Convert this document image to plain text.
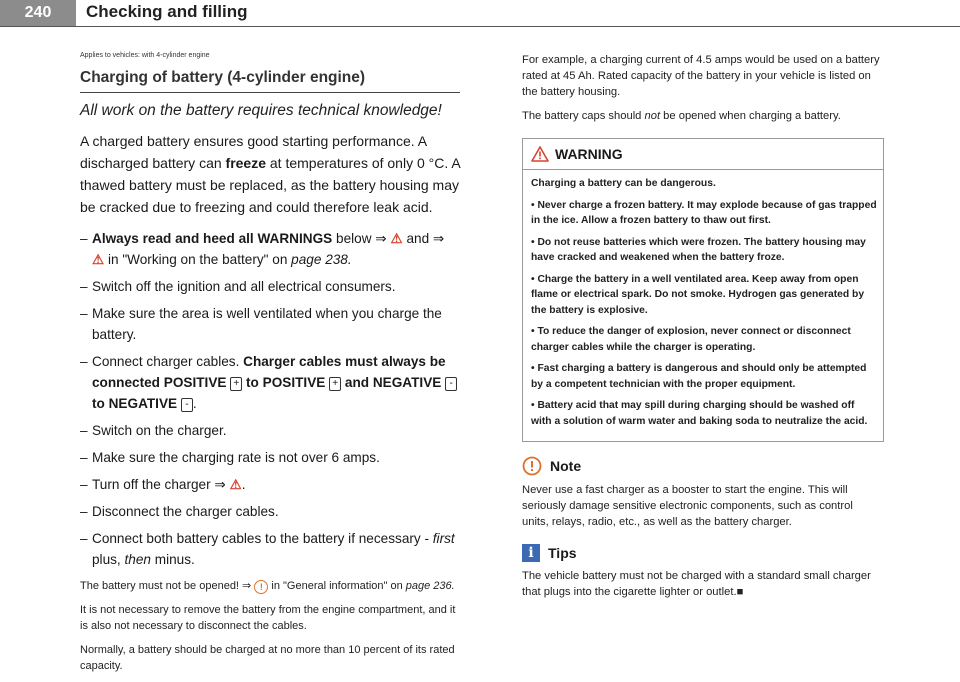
240	Checking and filling
Applies to vehicles: with 4-cylinder engine
Charging of battery (4-cylinder engine)
All work on the battery requires technical knowledge!
A charged battery ensures good starting performance. A discharged battery can freeze at temperatures of only 0 °C. A thawed battery must be replaced, as the battery housing may be cracked due to freezing and could therefore leak acid.
– Always read and heed all WARNINGS below ⇒ ⚠ and ⇒ ⚠ in "Working on the battery" on page 238.
– Switch off the ignition and all electrical consumers.
– Make sure the area is well ventilated when you charge the battery.
– Connect charger cables. Charger cables must always be connected POSITIVE + to POSITIVE + and NEGATIVE - to NEGATIVE - .
– Switch on the charger.
– Make sure the charging rate is not over 6 amps.
– Turn off the charger ⇒ ⚠.
– Disconnect the charger cables.
– Connect both battery cables to the battery if necessary - first plus, then minus.
The battery must not be opened! ⇒ ! in "General information" on page 236.
It is not necessary to remove the battery from the engine compartment, and it is also not necessary to disconnect the cables.
Normally, a battery should be charged at no more than 10 percent of its rated capacity.
For example, a charging current of 4.5 amps would be used on a battery rated at 45 Ah. Rated capacity of the battery in your vehicle is listed on the battery housing.
The battery caps should not be opened when charging a battery.
WARNING
Charging a battery can be dangerous.
• Never charge a frozen battery. It may explode because of gas trapped in the ice. Allow a frozen battery to thaw out first.
• Do not reuse batteries which were frozen. The battery housing may have cracked and weakened when the battery froze.
• Charge the battery in a well ventilated area. Keep away from open flame or electrical spark. Do not smoke. Hydrogen gas generated by the battery is explosive.
• To reduce the danger of explosion, never connect or disconnect charger cables while the charger is operating.
• Fast charging a battery is dangerous and should only be attempted by a competent technician with the proper equipment.
• Battery acid that may spill during charging should be washed off with a solution of warm water and baking soda to neutralize the acid.
Note
Never use a fast charger as a booster to start the engine. This will seriously damage sensitive electronic components, such as control units, relays, radio, etc., as well as the battery charger.
i	Tips
The vehicle battery must not be charged with a standard small charger that plugs into the cigarette lighter or outlet.■
